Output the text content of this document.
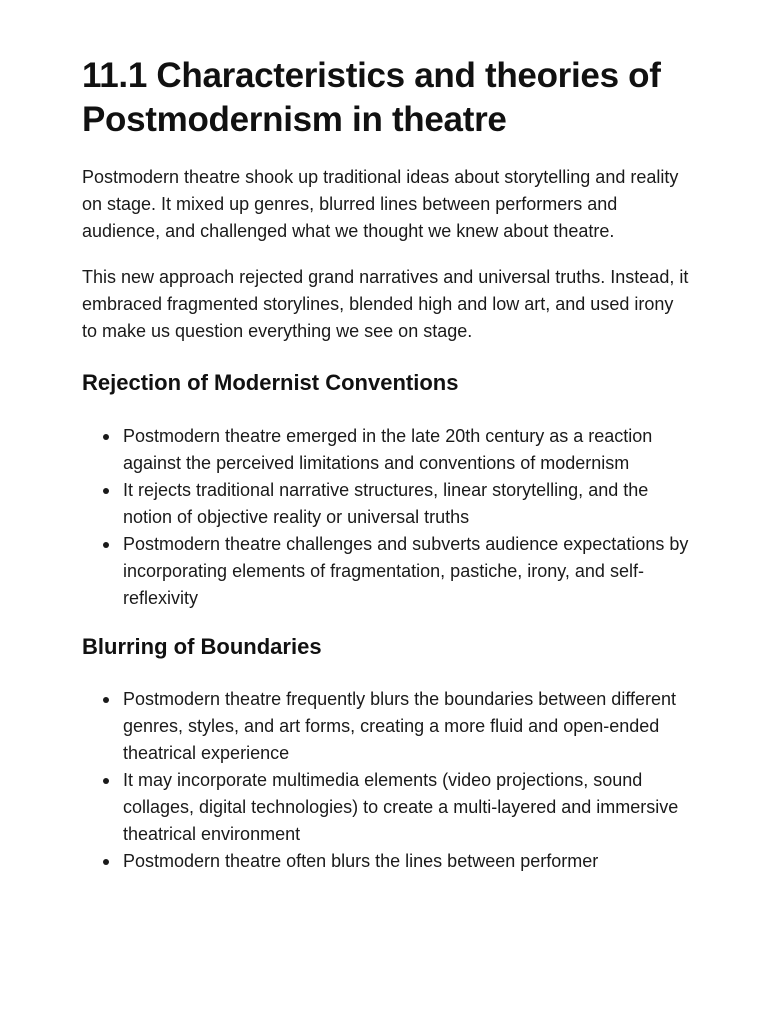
11.1 Characteristics and theories of Postmodernism in theatre

Postmodern theatre shook up traditional ideas about storytelling and reality on stage. It mixed up genres, blurred lines between performers and audience, and challenged what we thought we knew about theatre.

This new approach rejected grand narratives and universal truths. Instead, it embraced fragmented storylines, blended high and low art, and used irony to make us question everything we see on stage.

Rejection of Modernist Conventions
Postmodern theatre emerged in the late 20th century as a reaction against the perceived limitations and conventions of modernism
It rejects traditional narrative structures, linear storytelling, and the notion of objective reality or universal truths
Postmodern theatre challenges and subverts audience expectations by incorporating elements of fragmentation, pastiche, irony, and self-reflexivity
Blurring of Boundaries
Postmodern theatre frequently blurs the boundaries between different genres, styles, and art forms, creating a more fluid and open-ended theatrical experience
It may incorporate multimedia elements (video projections, sound collages, digital technologies) to create a multi-layered and immersive theatrical environment
Postmodern theatre often blurs the lines between performer
